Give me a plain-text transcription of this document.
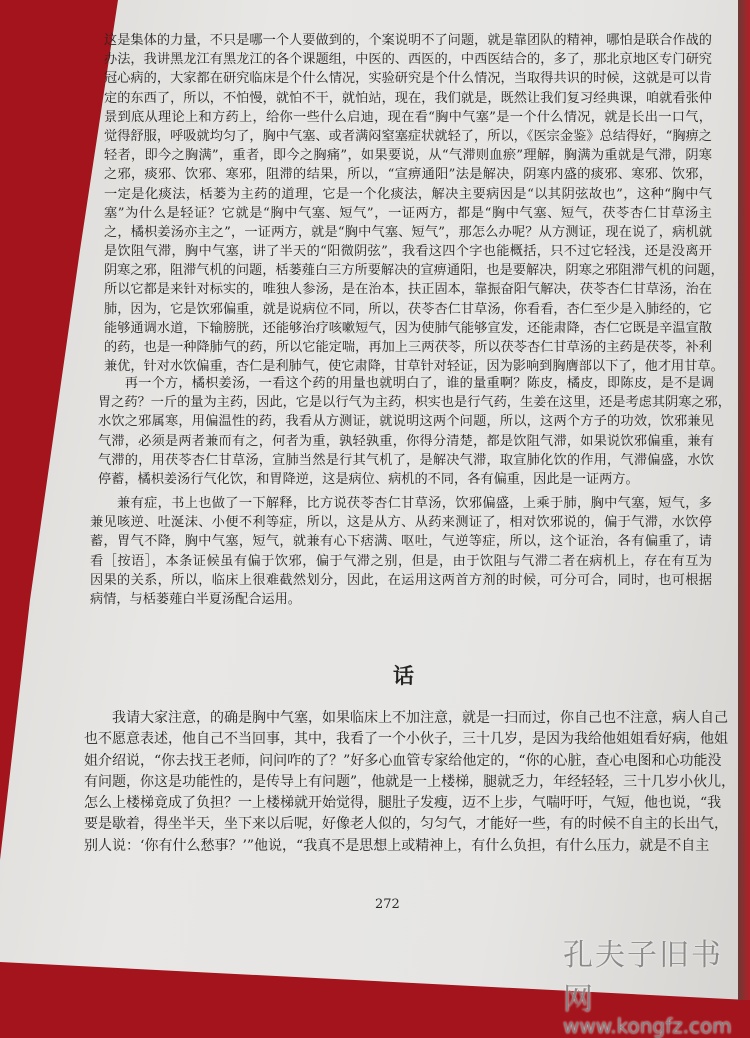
这是集体的力量，不只是哪一个人要做到的，个案说明不了问题，就是靠团队的精神，哪怕是联合作战的
办法，我讲黑龙江有黑龙江的各个课题组，中医的、西医的，中西医结合的，多了，那北京地区专门研究
冠心病的，大家都在研究临床是个什么情况，实验研究是个什么情况，当取得共识的时候，这就是可以肯
定的东西了，所以，不怕慢，就怕不干，就怕站，现在，我们就是，既然让我们复习经典课，咱就看张仲
景到底从理论上和方药上，给你一些什么启迪，现在看“胸中气塞”是一个什么情况，就是长出一口气，
觉得舒服，呼吸就均匀了，胸中气塞、或者满闷窒塞症状就轻了，所以，《医宗金鉴》总结得好，“胸痹之
轻者，即今之胸满”，重者，即今之胸痛”，如果要说，从“气滞则血瘀”理解，胸满为重就是气滞，阴寒
之邪，痰邪、饮邪、寒邪，阻滞的结果，所以，“宣痹通阳”法是解决，阴寒内盛的痰邪、寒邪、饮邪，
一定是化痰法，栝蒌为主药的道理，它是一个化痰法，解决主要病因是“以其阴弦故也”，这种“胸中气
塞”为什么是轻证？它就是“胸中气塞、短气”，一证两方，都是“胸中气塞、短气，茯苓杏仁甘草汤主
之，橘枳姜汤亦主之”，一证两方，就是“胸中气塞、短气”，那怎么办呢？从方测证，现在说了，病机就
是饮阻气滞，胸中气塞，讲了半天的“阳微阴弦”，我看这四个字也能概括，只不过它轻浅，还是没离开
阴寒之邪，阻滞气机的问题，栝蒌薤白三方所要解决的宣痹通阳，也是要解决，阴寒之邪阻滞气机的问题，
所以它都是来针对标实的，唯独人参汤，是在治本，扶正固本，靠振奋阳气解决，茯苓杏仁甘草汤，治在
肺，因为，它是饮邪偏重，就是说病位不同，所以，茯苓杏仁甘草汤，你看看，杏仁至少是入肺经的，它
能够通调水道，下输膀胱，还能够治疗咳嗽短气，因为使肺气能够宣发，还能肃降，杏仁它既是辛温宣散
的药，也是一种降肺气的药，所以它能定喘，再加上三两茯苓，所以茯苓杏仁甘草汤的主药是茯苓，补利
兼优，针对水饮偏重，杏仁是利肺气，使它肃降，甘草针对轻证，因为影响到胸膺部以下了，他才用甘草。
　　再一个方，橘枳姜汤，一看这个药的用量也就明白了，谁的量重啊？陈皮，橘皮，即陈皮，是不是调
胃之药？一斤的量为主药，因此，它是以行气为主药，枳实也是行气药，生姜在这里，还是考虑其阴寒之邪，
水饮之邪属寒，用偏温性的药，我看从方测证，就说明这两个问题，所以，这两个方子的功效，饮邪兼见
气滞，必须是两者兼而有之，何者为重，孰轻孰重，你得分清楚，都是饮阻气滞，如果说饮邪偏重，兼有
气滞的，用茯苓杏仁甘草汤，宣肺当然是行其气机了，是解决气滞，取宣肺化饮的作用，气滞偏盛，水饮
停蓄，橘枳姜汤行气化饮，和胃降逆，这是病位、病机的不同，各有偏重，因此是一证两方。
　　兼有症，书上也做了一下解释，比方说茯苓杏仁甘草汤，饮邪偏盛，上乘于肺，胸中气塞，短气，多
兼见咳逆、吐涎沫、小便不利等症，所以，这是从方、从药来测证了，相对饮邪说的，偏于气滞，水饮停
蓄，胃气不降，胸中气塞，短气，就兼有心下痞满、呕吐，气逆等症，所以，这个证治，各有偏重了，请
看［按语］，本条证候虽有偏于饮邪，偏于气滞之别，但是，由于饮阻与气滞二者在病机上，存在有互为
因果的关系，所以，临床上很难截然划分，因此，在运用这两首方剂的时候，可分可合，同时，也可根据
病情，与栝蒌薤白半夏汤配合运用。
话
　　我请大家注意，的确是胸中气塞，如果临床上不加注意，就是一扫而过，你自己也不注意，病人自己
也不愿意表述，他自己不当回事，其中，我看了一个小伙子，三十几岁，是因为我给他姐姐看好病，他姐
姐介绍说，“你去找王老师，问问咋的了？”好多心血管专家给他定的，“你的心脏，查心电图和心功能没
有问题，你这是功能性的，是传导上有问题”，他就是一上楼梯，腿就乏力，年经轻轻，三十几岁小伙儿，
怎么上楼梯竟成了负担？一上楼梯就开始觉得，腿肚子发瘦，迈不上步，气喘吁吁，气短，他也说，“我
要是歇着，得坐半天，坐下来以后呢，好像老人似的，匀匀气，才能好一些，有的时候不自主的长出气，
别人说：‘你有什么愁事？’”他说，“我真不是思想上或精神上，有什么负担，有什么压力，就是不自主
272
孔夫子旧书网
www.kongfz.com
